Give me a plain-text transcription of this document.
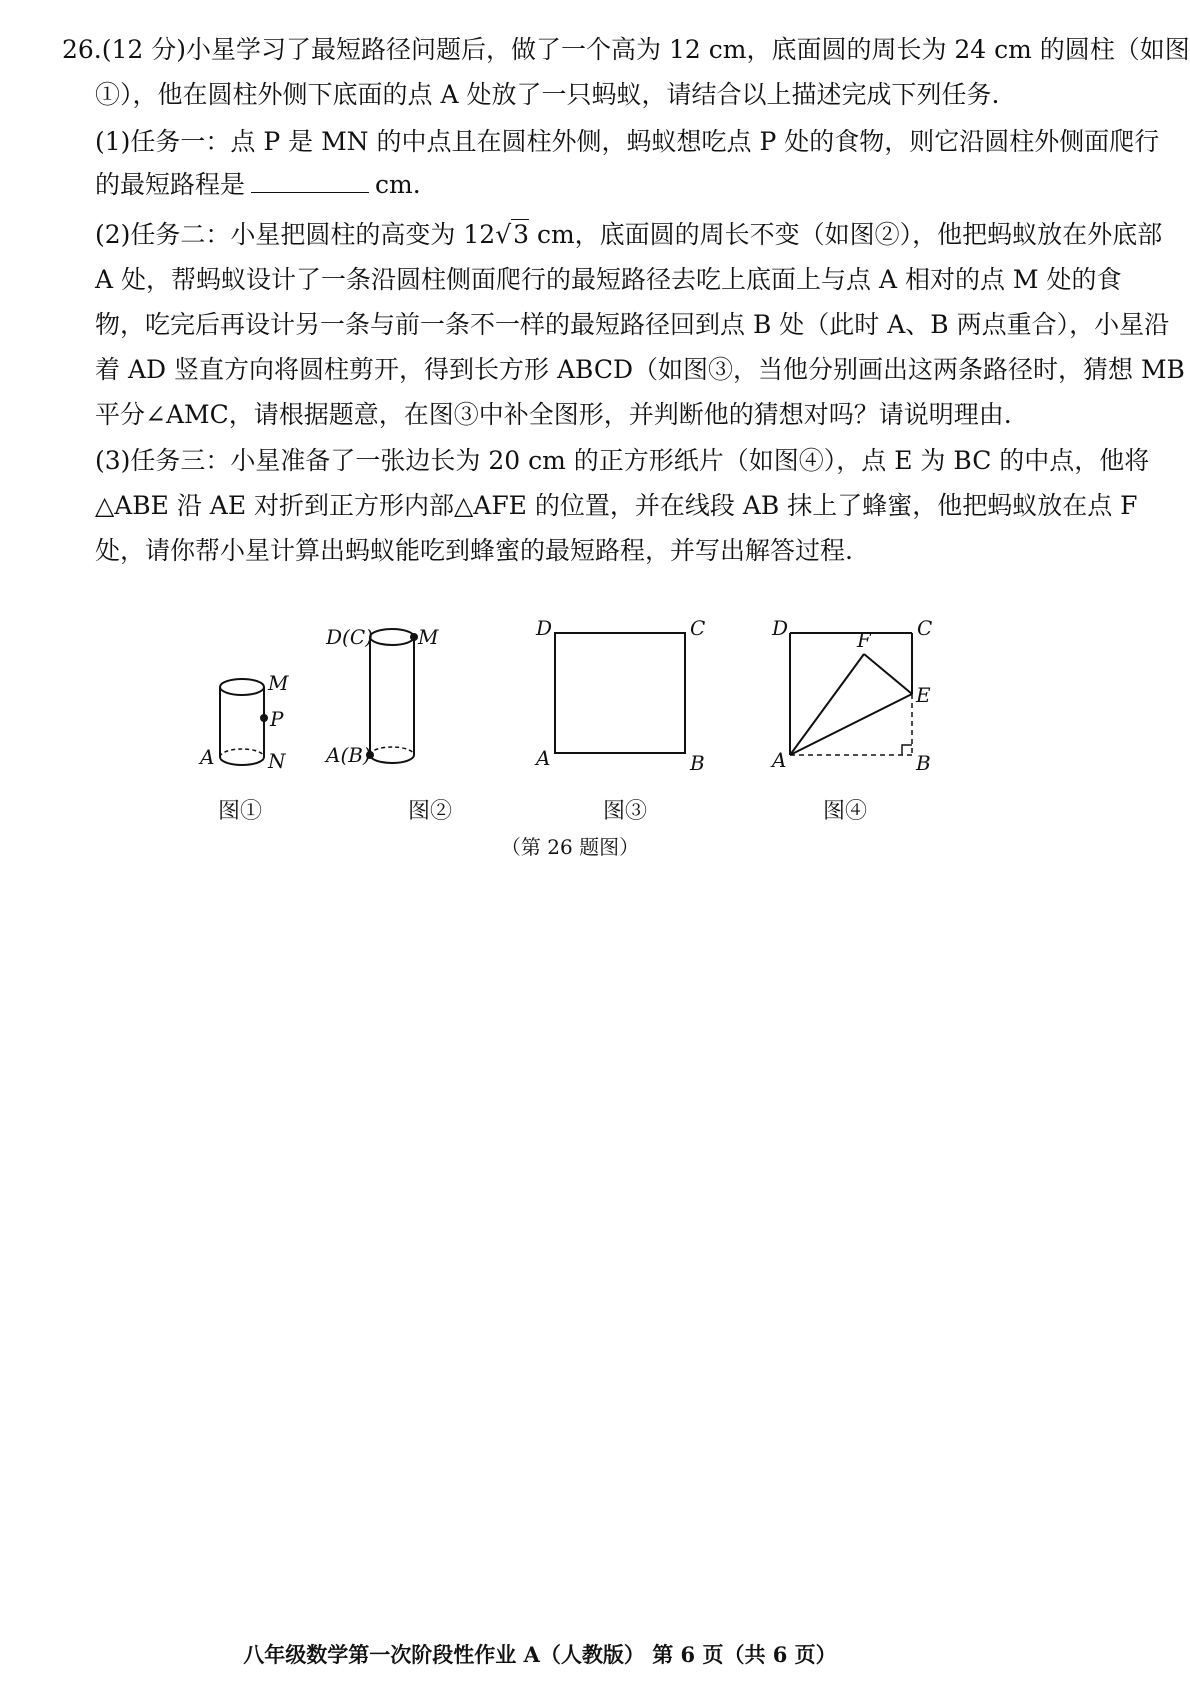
26.(12 分)小星学习了最短路径问题后，做了一个高为 12 cm，底面圆的周长为 24 cm 的圆柱（如图
①），他在圆柱外侧下底面的点 A 处放了一只蚂蚁，请结合以上描述完成下列任务.
(1)任务一：点 P 是 MN 的中点且在圆柱外侧，蚂蚁想吃点 P 处的食物，则它沿圆柱外侧面爬行
的最短路程是	cm.
(2)任务二：小星把圆柱的高变为 12√3 cm，底面圆的周长不变（如图②），他把蚂蚁放在外底部
A 处，帮蚂蚁设计了一条沿圆柱侧面爬行的最短路径去吃上底面上与点 A 相对的点 M 处的食
物，吃完后再设计另一条与前一条不一样的最短路径回到点 B 处（此时 A、B 两点重合），小星沿
着 AD 竖直方向将圆柱剪开，得到长方形 ABCD（如图③，当他分别画出这两条路径时，猜想 MB
平分∠AMC，请根据题意，在图③中补全图形，并判断他的猜想对吗？请说明理由.
(3)任务三：小星准备了一张边长为 20 cm 的正方形纸片（如图④），点 E 为 BC 的中点，他将
△ABE 沿 AE 对折到正方形内部△AFE 的位置，并在线段 AB 抹上了蜂蜜，他把蚂蚁放在点 F
处，请你帮小星计算出蚂蚁能吃到蜂蜜的最短路程，并写出解答过程.
M
P
A	N
D(C) M
A(B)
D	C
A	B
D	C
F
E
A	B
图①	图②	图③	图④
（第 26 题图）
八年级数学第一次阶段性作业 A（人教版） 第 6 页（共 6 页）
